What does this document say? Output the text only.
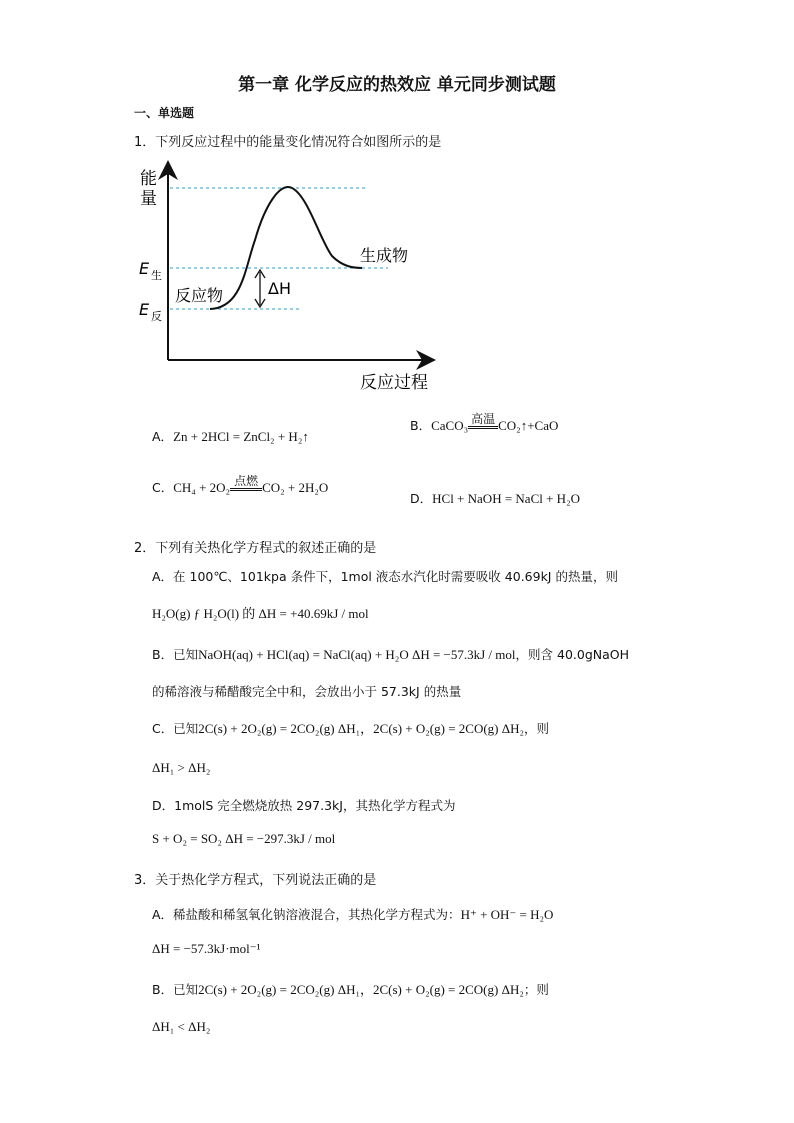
第一章 化学反应的热效应 单元同步测试题
一、单选题
1．下列反应过程中的能量变化情况符合如图所示的是
能
量
反应过程
E 生
E 反
反应物
生成物
ΔH
A．Zn + 2HCl = ZnCl₂ + H₂↑
B．CaCO₃ 高温 CO₂↑+CaO
C．CH₄ + 2O₂ 点燃 CO₂ + 2H₂O
D．HCl + NaOH = NaCl + H₂O
2．下列有关热化学方程式的叙述正确的是
A．在 100℃、101kpa 条件下，1mol 液态水汽化时需要吸收 40.69kJ 的热量，则
H₂O(g) ƒ H₂O(l) 的 ΔH = +40.69kJ / mol
B．已知NaOH(aq) + HCl(aq) = NaCl(aq) + H₂O ΔH = −57.3kJ / mol，则含 40.0gNaOH
的稀溶液与稀醋酸完全中和，会放出小于 57.3kJ 的热量
C．已知2C(s) + 2O₂(g) = 2CO₂(g) ΔH₁，2C(s) + O₂(g) = 2CO(g) ΔH₂，则
ΔH₁ > ΔH₂
D．1molS 完全燃烧放热 297.3kJ，其热化学方程式为
S + O₂ = SO₂ ΔH = −297.3kJ / mol
3．关于热化学方程式，下列说法正确的是
A．稀盐酸和稀氢氧化钠溶液混合，其热化学方程式为：H⁺ + OH⁻ = H₂O
ΔH = −57.3kJ·mol⁻¹
B．已知2C(s) + 2O₂(g) = 2CO₂(g) ΔH₁，2C(s) + O₂(g) = 2CO(g) ΔH₂；则
ΔH₁ < ΔH₂
